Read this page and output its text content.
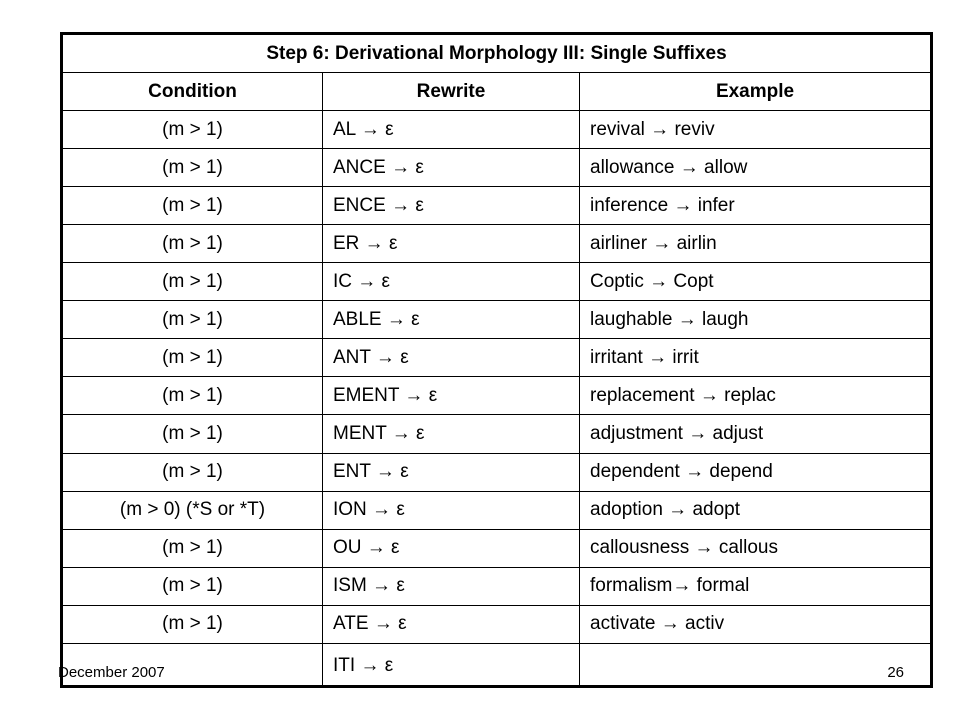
Step 6: Derivational Morphology III: Single Suffixes		
Condition	Rewrite	Example
(m > 1)	AL → ε	revival → reviv
(m > 1)	ANCE → ε	allowance → allow
(m > 1)	ENCE → ε	inference → infer
(m > 1)	ER → ε	airliner → airlin
(m > 1)	IC → ε	Coptic → Copt
(m > 1)	ABLE → ε	laughable → laugh
(m > 1)	ANT → ε	irritant → irrit
(m > 1)	EMENT → ε	replacement → replac
(m > 1)	MENT → ε	adjustment → adjust
(m > 1)	ENT → ε	dependent → depend
(m > 0) (*S or *T)	ION → ε	adoption → adopt
(m > 1)	OU → ε	callousness → callous
(m > 1)	ISM → ε	formalism→ formal
(m > 1)	ATE → ε	activate → activ
	ITI → ε	
December 2007	26
